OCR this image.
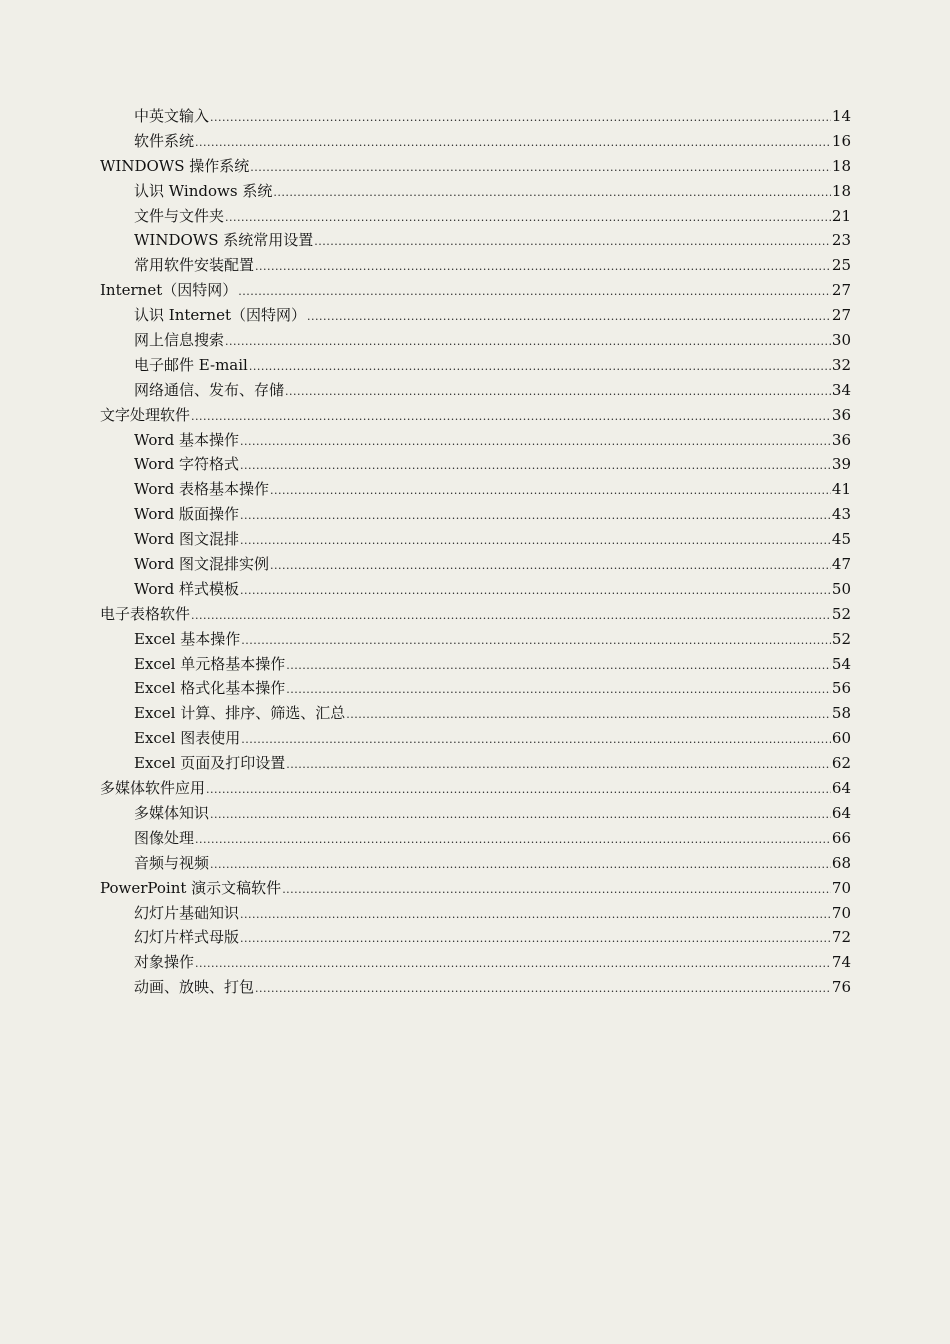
中英文输入 .....	14
软件系统 .....	16
WINDOWS 操作系统 .....	18
认识 Windows 系统 .....	18
文件与文件夹 .....	21
WINDOWS 系统常用设置 .....	23
常用软件安装配置 .....	25
Internet（因特网） .....	27
认识 Internet（因特网） .....	27
网上信息搜索 .....	30
电子邮件 E-mail .....	32
网络通信、发布、存储 .....	34
文字处理软件 .....	36
Word 基本操作 .....	36
Word 字符格式 .....	39
Word 表格基本操作 .....	41
Word 版面操作 .....	43
Word 图文混排 .....	45
Word 图文混排实例 .....	47
Word 样式模板 .....	50
电子表格软件 .....	52
Excel 基本操作 .....	52
Excel 单元格基本操作 .....	54
Excel 格式化基本操作 .....	56
Excel 计算、排序、筛选、汇总 .....	58
Excel 图表使用 .....	60
Excel 页面及打印设置 .....	62
多媒体软件应用 .....	64
多媒体知识 .....	64
图像处理 .....	66
音频与视频 .....	68
PowerPoint 演示文稿软件 .....	70
幻灯片基础知识 .....	70
幻灯片样式母版 .....	72
对象操作 .....	74
动画、放映、打包 .....	76
